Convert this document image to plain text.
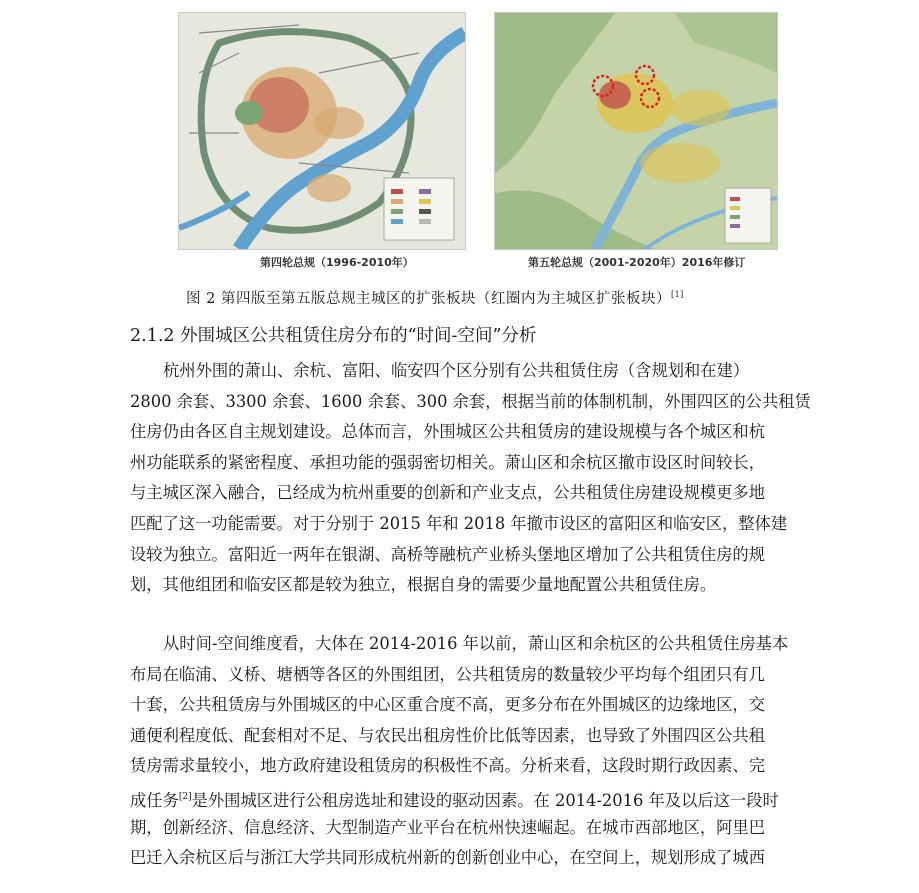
第四轮总规（1996-2010年）	第五轮总规（2001-2020年）2016年修订
图 2 第四版至第五版总规主城区的扩张板块（红圈内为主城区扩张板块）[1]
2.1.2 外围城区公共租赁住房分布的“时间-空间”分析

杭州外围的萧山、余杭、富阳、临安四个区分别有公共租赁住房（含规划和在建）
2800 余套、3300 余套、1600 余套、300 余套，根据当前的体制机制，外围四区的公共租赁
住房仍由各区自主规划建设。总体而言，外围城区公共租赁房的建设规模与各个城区和杭
州功能联系的紧密程度、承担功能的强弱密切相关。萧山区和余杭区撤市设区时间较长，
与主城区深入融合，已经成为杭州重要的创新和产业支点，公共租赁住房建设规模更多地
匹配了这一功能需要。对于分别于 2015 年和 2018 年撤市设区的富阳区和临安区，整体建
设较为独立。富阳近一两年在银湖、高桥等融杭产业桥头堡地区增加了公共租赁住房的规
划，其他组团和临安区都是较为独立，根据自身的需要少量地配置公共租赁住房。

从时间-空间维度看，大体在 2014-2016 年以前，萧山区和余杭区的公共租赁住房基本
布局在临浦、义桥、塘栖等各区的外围组团，公共租赁房的数量较少平均每个组团只有几
十套，公共租赁房与外围城区的中心区重合度不高，更多分布在外围城区的边缘地区，交
通便利程度低、配套相对不足、与农民出租房性价比低等因素，也导致了外围四区公共租
赁房需求量较小，地方政府建设租赁房的积极性不高。分析来看，这段时期行政因素、完
成任务[2]是外围城区进行公租房选址和建设的驱动因素。在 2014-2016 年及以后这一段时
期，创新经济、信息经济、大型制造产业平台在杭州快速崛起。在城市西部地区，阿里巴
巴迁入余杭区后与浙江大学共同形成杭州新的创新创业中心，在空间上，规划形成了城西
